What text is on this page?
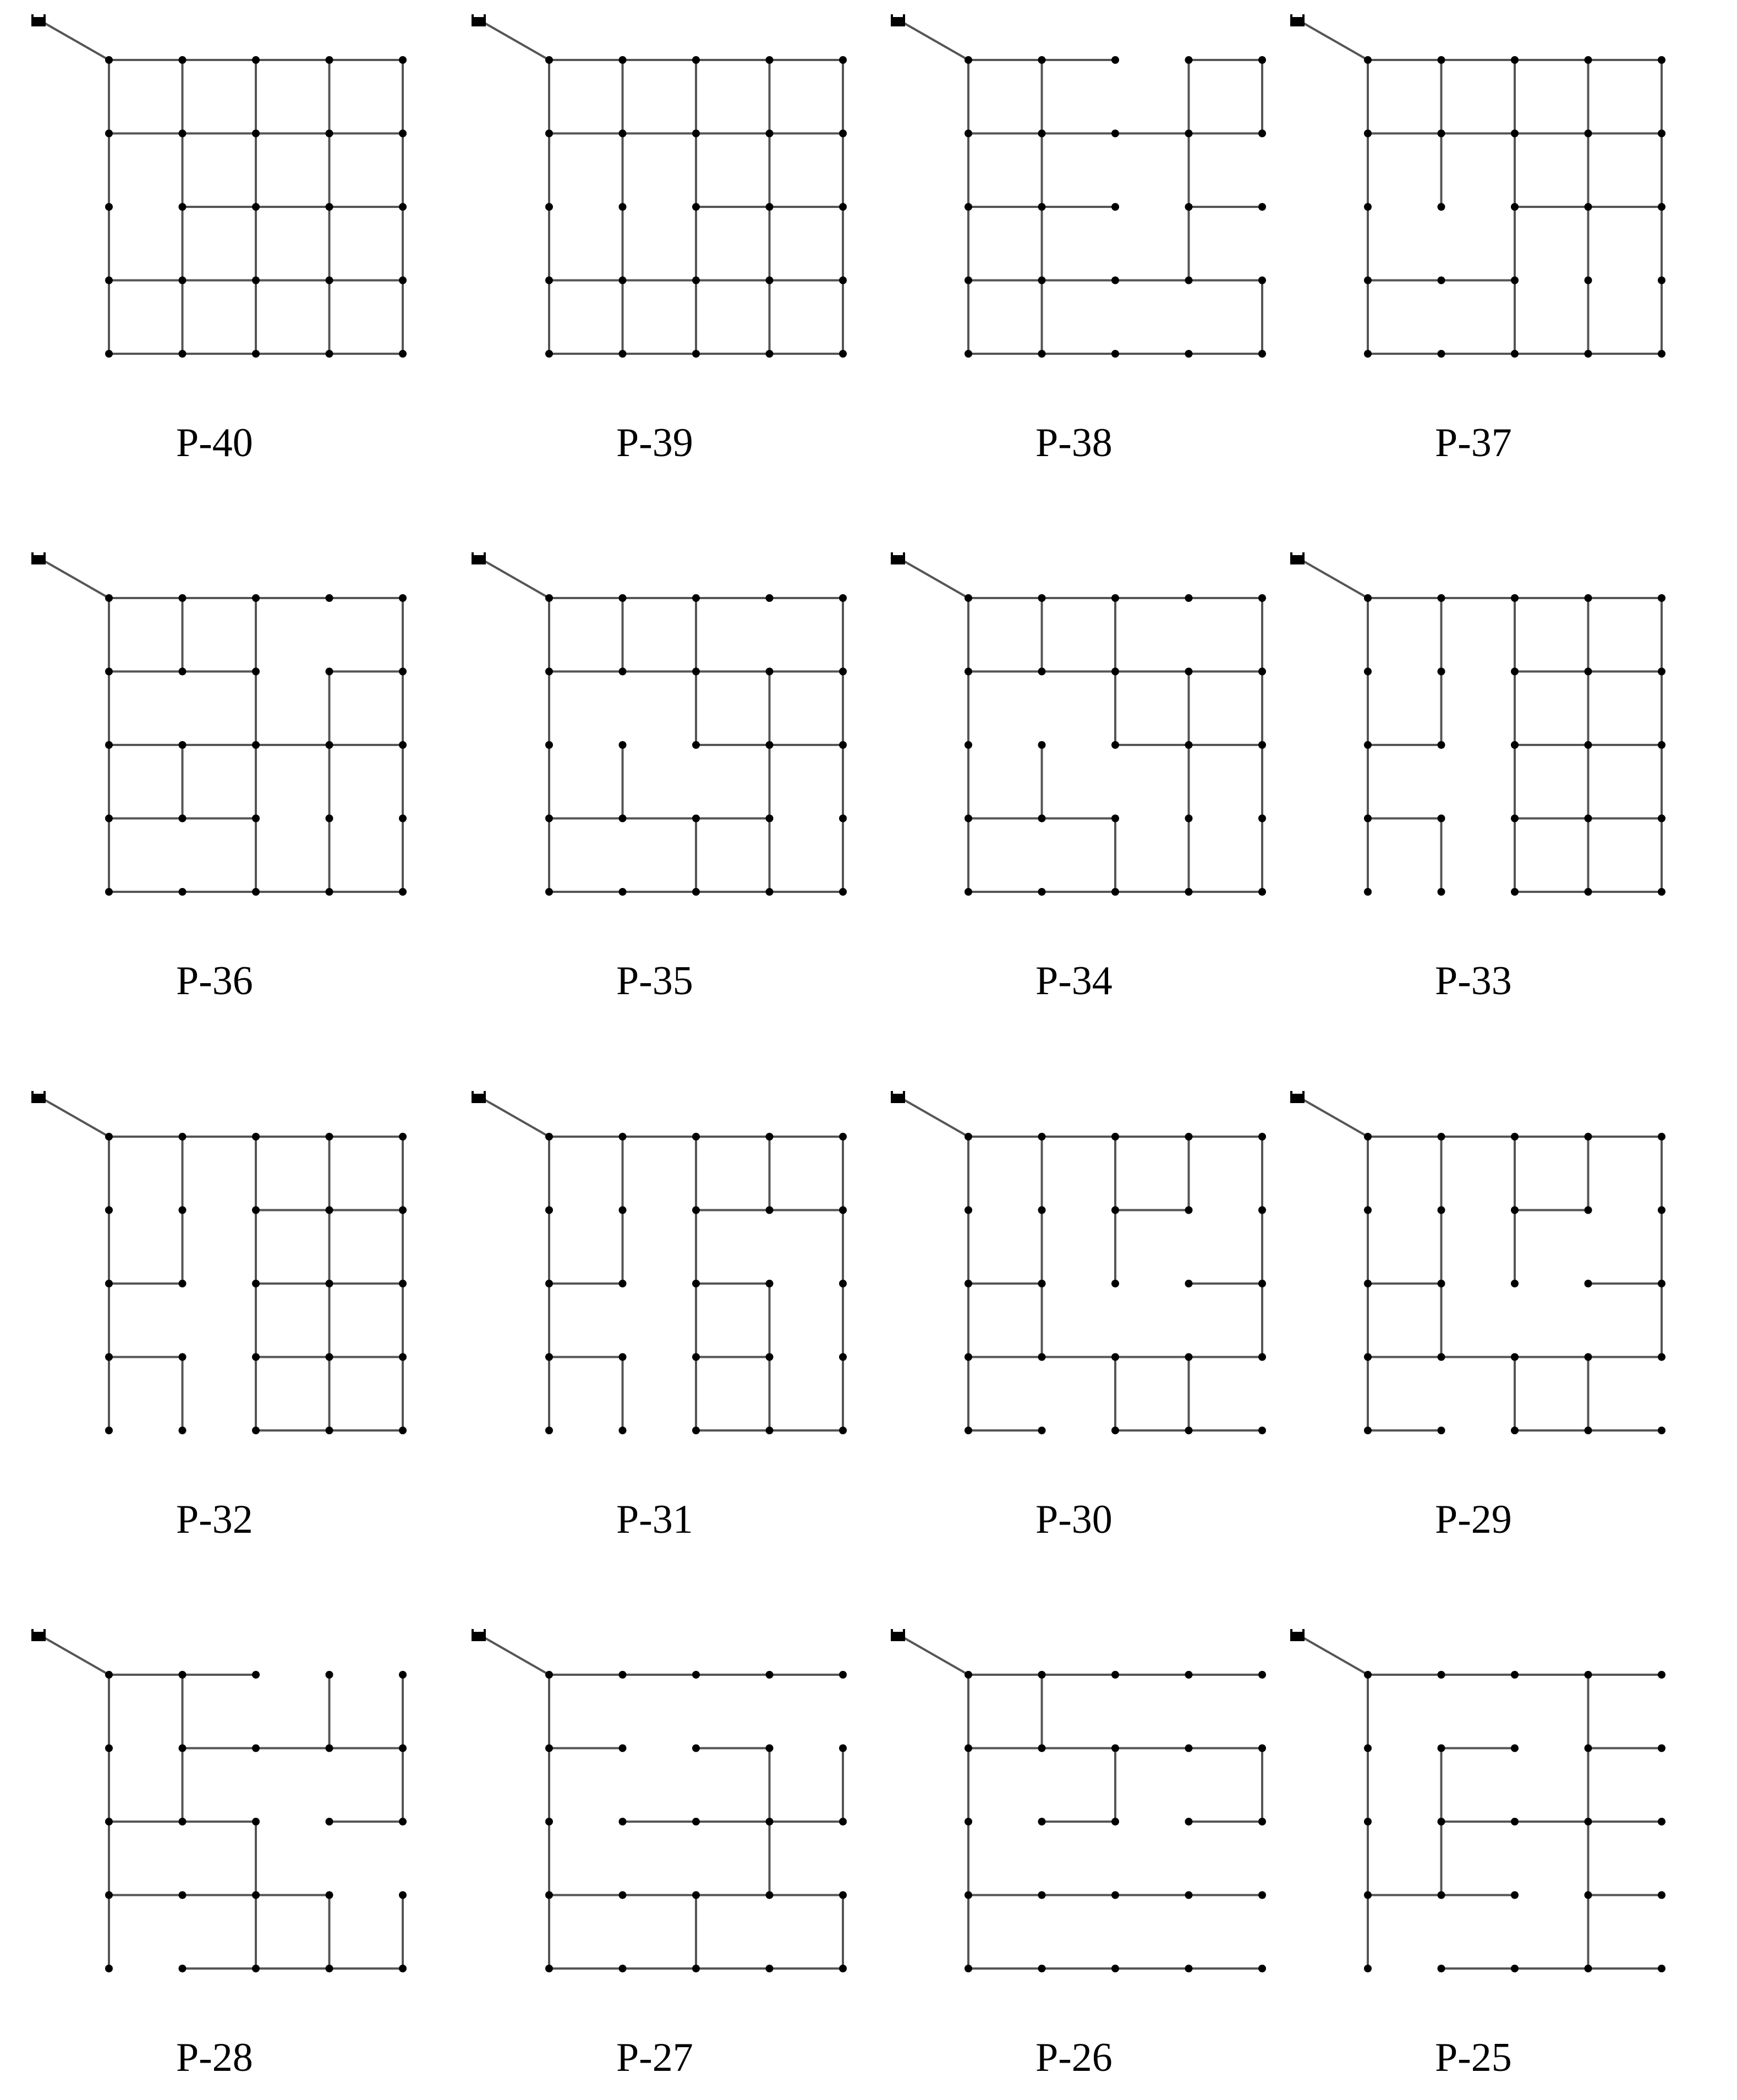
P-40	P-39	P-38	P-37
P-36	P-35	P-34	P-33
P-32	P-31	P-30	P-29
P-28	P-27	P-26	P-25
